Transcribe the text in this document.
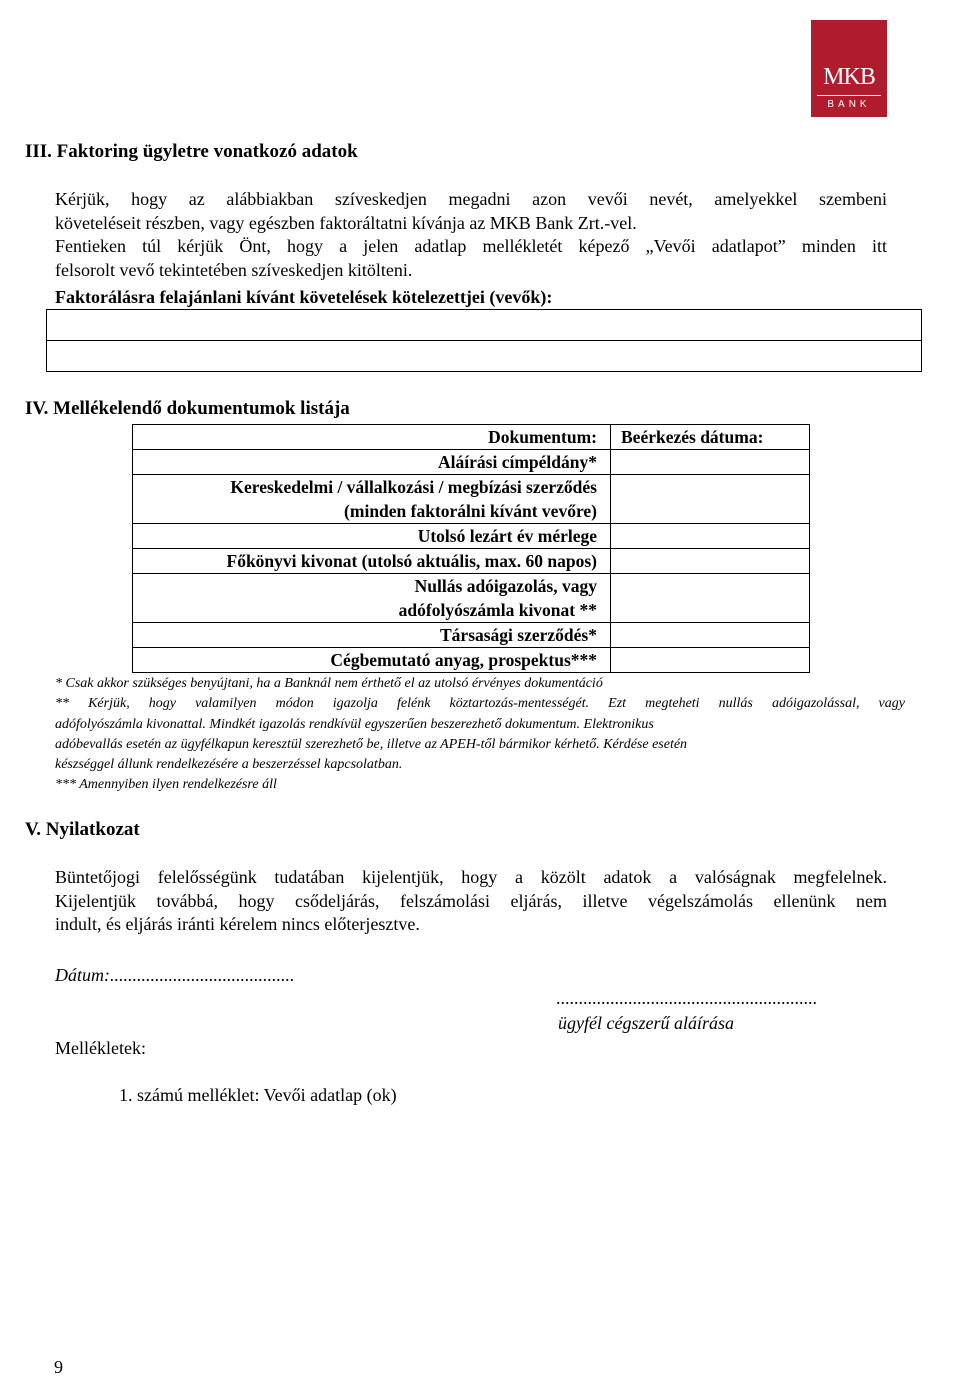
MKB
BANK
III. Faktoring ügyletre vonatkozó adatok
Kérjük, hogy az alábbiakban szíveskedjen megadni azon vevői nevét, amelyekkel szembeni
követeléseit részben, vagy egészben faktoráltatni kívánja az MKB Bank Zrt.-vel.
Fentieken túl kérjük Önt, hogy a jelen adatlap mellékletét képező „Vevői adatlapot” minden itt
felsorolt vevő tekintetében szíveskedjen kitölteni.
Faktorálásra felajánlani kívánt követelések kötelezettjei (vevők):
IV. Mellékelendő dokumentumok listája
Dokumentum:	Beérkezés dátuma:
Aláírási címpéldány*	
Kereskedelmi / vállalkozási / megbízási szerződés
(minden faktorálni kívánt vevőre)	
Utolsó lezárt év mérlege	
Főkönyvi kivonat (utolsó aktuális, max. 60 napos)	
Nullás adóigazolás, vagy
adófolyószámla kivonat **	
Társasági szerződés*	
Cégbemutató anyag, prospektus***	
* Csak akkor szükséges benyújtani, ha a Banknál nem érthető el az utolsó érvényes dokumentáció
** Kérjük, hogy valamilyen módon igazolja felénk köztartozás-mentességét. Ezt megteheti nullás adóigazolással, vagy
adófolyószámla kivonattal. Mindkét igazolás rendkívül egyszerűen beszerezhető dokumentum. Elektronikus
adóbevallás esetén az ügyfélkapun keresztül szerezhető be, illetve az APEH-től bármikor kérhető. Kérdése esetén
készséggel állunk rendelkezésére a beszerzéssel kapcsolatban.
*** Amennyiben ilyen rendelkezésre áll
V. Nyilatkozat
Büntetőjogi felelősségünk tudatában kijelentjük, hogy a közölt adatok a valóságnak megfelelnek.
Kijelentjük továbbá, hogy csődeljárás, felszámolási eljárás, illetve végelszámolás ellenünk nem
indult, és eljárás iránti kérelem nincs előterjesztve.
Dátum:.........................................
..........................................................
ügyfél cégszerű aláírása
Mellékletek:
1. számú melléklet: Vevői adatlap (ok)
9
